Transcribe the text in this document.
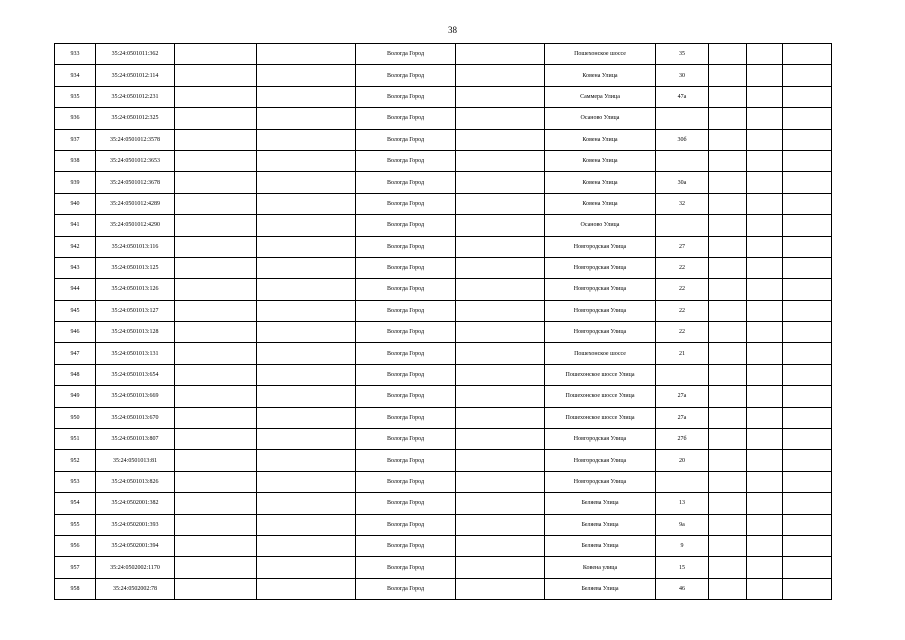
38
933	35:24:0501011:362			Вологда Город		Пошехонское шоссе	35			
934	35:24:0501012:114			Вологда Город		Ковена Улица	30			
935	35:24:0501012:231			Вологда Город		Саммера Улица	47а			
936	35:24:0501012:325			Вологда Город		Осаново Улица				
937	35:24:0501012:3578			Вологда Город		Ковена Улица	30б			
938	35:24:0501012:3653			Вологда Город		Ковена Улица				
939	35:24:0501012:3678			Вологда Город		Ковена Улица	30а			
940	35:24:0501012:4289			Вологда Город		Ковена Улица	32			
941	35:24:0501012:4290			Вологда Город		Осаново Улица				
942	35:24:0501013:116			Вологда Город		Новгородская Улица	27			
943	35:24:0501013:125			Вологда Город		Новгородская Улица	22			
944	35:24:0501013:126			Вологда Город		Новгородская Улица	22			
945	35:24:0501013:127			Вологда Город		Новгородская Улица	22			
946	35:24:0501013:128			Вологда Город		Новгородская Улица	22			
947	35:24:0501013:131			Вологда Город		Пошехонское шоссе	21			
948	35:24:0501013:654			Вологда Город		Пошехонское шоссе Улица				
949	35:24:0501013:669			Вологда Город		Пошехонское шоссе Улица	27а			
950	35:24:0501013:670			Вологда Город		Пошехонское шоссе Улица	27а			
951	35:24:0501013:807			Вологда Город		Новгородская Улица	27б			
952	35:24:0501013:81			Вологда Город		Новгородская Улица	20			
953	35:24:0501013:826			Вологда Город		Новгородская Улица				
954	35:24:0502001:382			Вологда Город		Беляева Улица	13			
955	35:24:0502001:393			Вологда Город		Беляева Улица	9а			
956	35:24:0502001:394			Вологда Город		Беляева Улица	9			
957	35:24:0502002:1170			Вологда Город		Ковена улица	15			
958	35:24:0502002:78			Вологда Город		Беляева Улица	46			
